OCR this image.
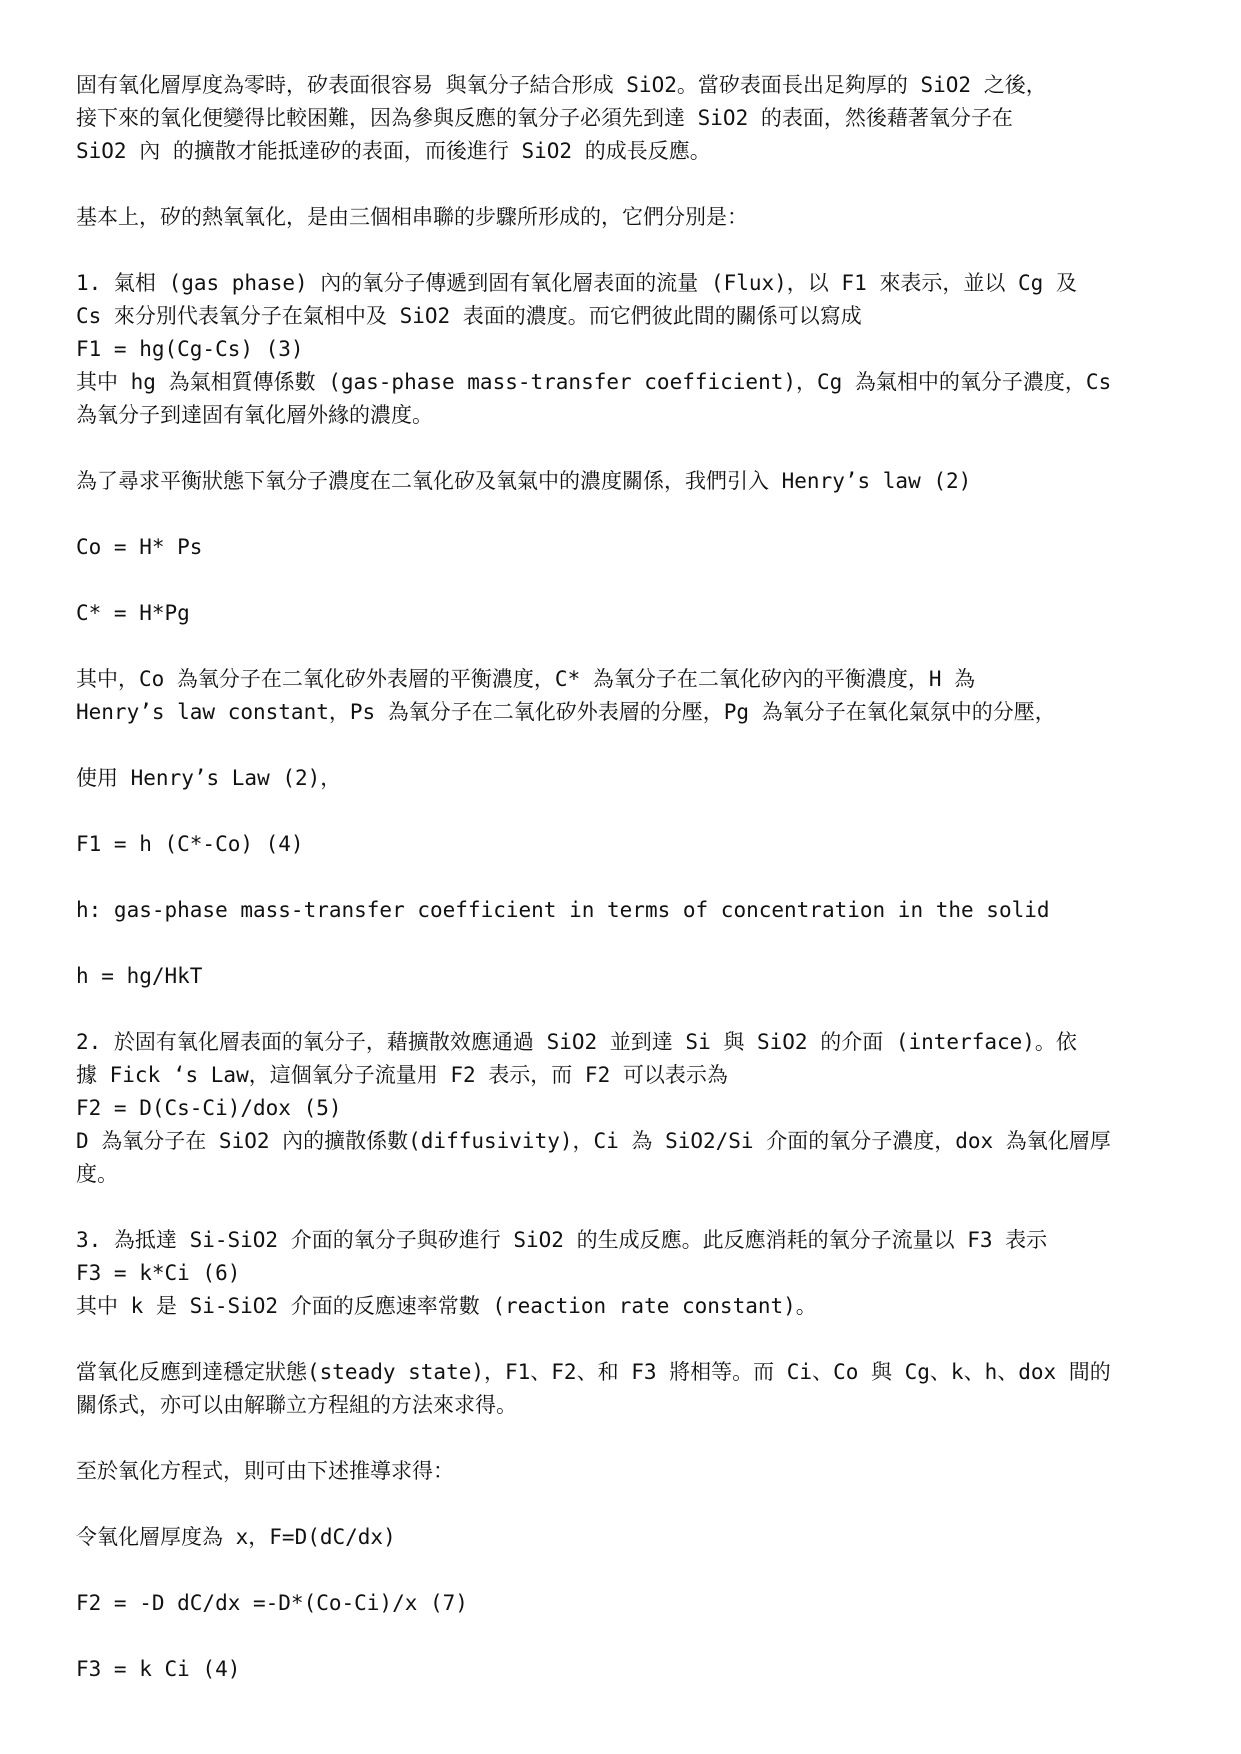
固有氧化層厚度為零時，矽表面很容易 與氧分子結合形成 SiO2。當矽表面長出足夠厚的 SiO2 之後，
接下來的氧化便變得比較困難，因為參與反應的氧分子必須先到達 SiO2 的表面，然後藉著氧分子在
SiO2 內 的擴散才能抵達矽的表面，而後進行 SiO2 的成長反應。
基本上，矽的熱氧氧化，是由三個相串聯的步驟所形成的，它們分別是：
1. 氣相 (gas phase) 內的氧分子傳遞到固有氧化層表面的流量 (Flux)，以 F1 來表示，並以 Cg 及
Cs 來分別代表氧分子在氣相中及 SiO2 表面的濃度。而它們彼此間的關係可以寫成
F1 = hg(Cg-Cs) (3)
其中 hg 為氣相質傳係數 (gas-phase mass-transfer coefficient)，Cg 為氣相中的氧分子濃度，Cs
為氧分子到達固有氧化層外緣的濃度。
為了尋求平衡狀態下氧分子濃度在二氧化矽及氧氣中的濃度關係，我們引入 Henry’s law (2)
Co = H* Ps
C* = H*Pg
其中，Co 為氧分子在二氧化矽外表層的平衡濃度，C* 為氧分子在二氧化矽內的平衡濃度，H 為
Henry’s law constant，Ps 為氧分子在二氧化矽外表層的分壓，Pg 為氧分子在氧化氣氛中的分壓，
使用 Henry’s Law (2)，
F1 = h (C*-Co) (4)
h: gas-phase mass-transfer coefficient in terms of concentration in the solid
h = hg/HkT
2. 於固有氧化層表面的氧分子，藉擴散效應通過 SiO2 並到達 Si 與 SiO2 的介面 (interface)。依
據 Fick ‘s Law，這個氧分子流量用 F2 表示，而 F2 可以表示為
F2 = D(Cs-Ci)/dox (5)
D 為氧分子在 SiO2 內的擴散係數(diffusivity)，Ci 為 SiO2/Si 介面的氧分子濃度，dox 為氧化層厚
度。
3. 為抵達 Si-SiO2 介面的氧分子與矽進行 SiO2 的生成反應。此反應消耗的氧分子流量以 F3 表示
F3 = k*Ci (6)
其中 k 是 Si-SiO2 介面的反應速率常數 (reaction rate constant)。
當氧化反應到達穩定狀態(steady state)，F1、F2、和 F3 將相等。而 Ci、Co 與 Cg、k、h、dox 間的
關係式，亦可以由解聯立方程組的方法來求得。
至於氧化方程式，則可由下述推導求得：
令氧化層厚度為 x，F=D(dC/dx)
F2 = -D dC/dx =-D*(Co-Ci)/x (7)
F3 = k Ci (4)
